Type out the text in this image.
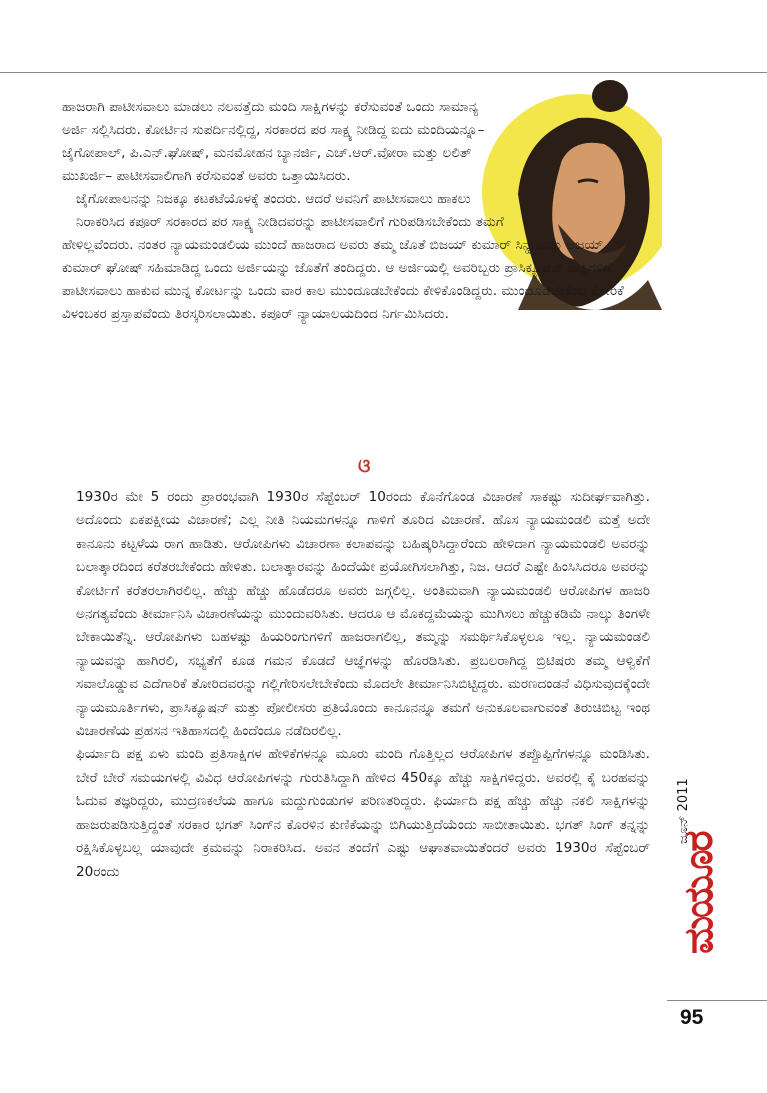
ಹಾಜರಾಗಿ ಪಾಟೀಸವಾಲು ಮಾಡಲು ನಲವತ್ತೆದು ಮಂದಿ ಸಾಕ್ಷಿಗಳನ್ನು ಕರೆಸುವಂತೆ ಒಂದು ಸಾಮಾನ್ಯ ಅರ್ಜಿ ಸಲ್ಲಿಸಿದರು. ಕೋರ್ಟಿನ ಸುಪರ್ದಿನಲ್ಲಿದ್ದ, ಸರಕಾರದ ಪರ ಸಾಕ್ಷ್ಯ ನೀಡಿದ್ದ ಐದು ಮಂದಿಯನ್ನೂ– ಜೈಗೋಪಾಲ್, ಪಿ.ಎನ್.ಘೋಷ್, ಮನಮೋಹನ ಬ್ಯಾನರ್ಜಿ, ಎಚ್.ಆರ್.ವೋರಾ ಮತ್ತು ಲಲಿತ್ ಮುಖರ್ಜಿ– ಪಾಟೀಸವಾಲಿಗಾಗಿ ಕರೆಸುವಂತೆ ಅವರು ಒತ್ತಾಯಿಸಿದರು.

ಜೈಗೋಪಾಲನನ್ನು ನಿಜಕ್ಕೂ ಕಟಕಟೆಯೊಳಕ್ಕೆ ತಂದರು. ಆದರೆ ಅವನಿಗೆ ಪಾಟೀಸವಾಲು ಹಾಕಲು ನಿರಾಕರಿಸಿದ ಕಪೂರ್ ಸರಕಾರದ ಪರ ಸಾಕ್ಷ್ಯ ನೀಡಿದವರನ್ನು ಪಾಟೀಸವಾಲಿಗೆ ಗುರಿಪಡಿಸಬೇಕೆಂದು ತಮಗೆ

ಹೇಳಿಲ್ಲವೆಂದರು. ನಂತರ ನ್ಯಾಯಮಂಡಲಿಯ ಮುಂದೆ ಹಾಜರಾದ ಅವರು ತಮ್ಮ ಜೊತೆ ಬಿಜಯ್ ಕುಮಾರ್ ಸಿನ್ಹ ಮತ್ತು ಅಜಯ್ ಕುಮಾರ್ ಘೋಷ್ ಸಹಿಮಾಡಿದ್ದ ಒಂದು ಅರ್ಜಿಯನ್ನು ಜೊತೆಗೆ ತಂದಿದ್ದರು. ಆ ಅರ್ಜಿಯಲ್ಲಿ ಅವರಿಬ್ಬರು ಪ್ರಾಸಿಕ್ಯೂಷನ್ ಸಾಕ್ಷಿಗಳಿಗೆ ಪಾಟೀಸವಾಲು ಹಾಕುವ ಮುನ್ನ ಕೋರ್ಟನ್ನು ಒಂದು ವಾರ ಕಾಲ ಮುಂದೂಡಬೇಕೆಂದು ಕೇಳಿಕೊಂಡಿದ್ದರು. ಮುಂದೂಡಬೇಕೆಂಬ ಕೋರಿಕೆ ವಿಳಂಬಕರ ಪ್ರಸ್ತಾಪವೆಂದು ತಿರಸ್ಕರಿಸಲಾಯಿತು. ಕಪೂರ್ ನ್ಯಾಯಾಲಯದಿಂದ ನಿರ್ಗಮಿಸಿದರು.

ଓ

1930ರ ಮೇ 5 ರಂದು ಪ್ರಾರಂಭವಾಗಿ 1930ರ ಸೆಪ್ಟೆಂಬರ್ 10ರಂದು ಕೊನೆಗೊಂಡ ವಿಚಾರಣೆ ಸಾಕಷ್ಟು ಸುದೀರ್ಘವಾಗಿತ್ತು. ಅದೊಂದು ಏಕಪಕ್ಷೀಯ ವಿಚಾರಣೆ; ಎಲ್ಲ ನೀತಿ ನಿಯಮಗಳನ್ನೂ ಗಾಳಿಗೆ ತೂರಿದ ವಿಚಾರಣೆ. ಹೊಸ ನ್ಯಾಯಮಂಡಲಿ ಮತ್ತೆ ಅದೇ ಕಾನೂನು ಕಟ್ಟಳೆಯ ರಾಗ ಹಾಡಿತು. ಆರೋಪಿಗಳು ವಿಚಾರಣಾ ಕಲಾಪವನ್ನು ಬಹಿಷ್ಕರಿಸಿದ್ದಾರೆಂದು ಹೇಳಿದಾಗ ನ್ಯಾಯಮಂಡಲಿ ಅವರನ್ನು ಬಲಾತ್ಕಾರದಿಂದ ಕರೆತರಬೇಕೆಂದು ಹೇಳಿತು. ಬಲಾತ್ಕಾರವನ್ನು ಹಿಂದೆಯೇ ಪ್ರಯೋಗಿಸಲಾಗಿತ್ತು, ನಿಜ. ಆದರೆ ಎಷ್ಟೇ ಹಿಂಸಿಸಿದರೂ ಅವರನ್ನು ಕೋರ್ಟಿಗೆ ಕರೆತರಲಾಗಿರಲಿಲ್ಲ. ಹೆಚ್ಚು ಹೆಚ್ಚು ಹೊಡೆದರೂ ಅವರು ಜಗ್ಗಲಿಲ್ಲ. ಅಂತಿಮವಾಗಿ ನ್ಯಾಯಮಂಡಲಿ ಆರೋಪಿಗಳ ಹಾಜರಿ ಅನಗತ್ಯವೆಂದು ತೀರ್ಮಾನಿಸಿ ವಿಚಾರಣೆಯನ್ನು ಮುಂದುವರಿಸಿತು. ಆದರೂ ಆ ಮೊಕದ್ದಮೆಯನ್ನು ಮುಗಿಸಲು ಹೆಚ್ಚುಕಡಿಮೆ ನಾಲ್ಕು ತಿಂಗಳೇ ಬೇಕಾಯಿತೆನ್ನಿ. ಆರೋಪಿಗಳು ಬಹಳಷ್ಟು ಹಿಯರಿಂಗುಗಳಿಗೆ ಹಾಜರಾಗಲಿಲ್ಲ, ತಮ್ಮನ್ನು ಸಮರ್ಥಿಸಿಕೊಳ್ಳಲೂ ಇಲ್ಲ. ನ್ಯಾಯಮಂಡಲಿ ನ್ಯಾಯವನ್ನು ಹಾಗಿರಲಿ, ಸಭ್ಯತೆಗೆ ಕೂಡ ಗಮನ ಕೊಡದೆ ಆಜ್ಞೆಗಳನ್ನು ಹೊರಡಿಸಿತು. ಪ್ರಬಲರಾಗಿದ್ದ ಬ್ರಿಟಿಷರು ತಮ್ಮ ಆಳ್ವಿಕೆಗೆ ಸವಾಲೊಡ್ಡುವ ಎದೆಗಾರಿಕೆ ತೋರಿದವರನ್ನು ಗಲ್ಲಿಗೇರಿಸಲೇಬೇಕೆಂದು ಮೊದಲೇ ತೀರ್ಮಾನಿಸಿಬಿಟ್ಟಿದ್ದರು. ಮರಣದಂಡನೆ ವಿಧಿಸುವುದಕ್ಕೆಂದೇ ನ್ಯಾಯಮೂರ್ತಿಗಳು, ಪ್ರಾಸಿಕ್ಯೂಷನ್ ಮತ್ತು ಪೋಲೀಸರು ಪ್ರತಿಯೊಂದು ಕಾನೂನನ್ನೂ ತಮಗೆ ಅನುಕೂಲವಾಗುವಂತೆ ತಿರುಚಿಬಿಟ್ಟ ಇಂಥ ವಿಚಾರಣೆಯ ಪ್ರಹಸನ ಇತಿಹಾಸದಲ್ಲಿ ಹಿಂದೆಂದೂ ನಡೆದಿರಲಿಲ್ಲ.

ಫಿರ್ಯಾದಿ ಪಕ್ಷ ಏಳು ಮಂದಿ ಪ್ರತಿಸಾಕ್ಷಿಗಳ ಹೇಳಿಕೆಗಳನ್ನೂ ಮೂರು ಮಂದಿ ಗೊತ್ತಿಲ್ಲದ ಆರೋಪಿಗಳ ತಪ್ಪೊಪ್ಪಿಗೆಗಳನ್ನೂ ಮಂಡಿಸಿತು. ಬೇರೆ ಬೇರೆ ಸಮಯಗಳಲ್ಲಿ ವಿವಿಧ ಆರೋಪಿಗಳನ್ನು ಗುರುತಿಸಿದ್ದಾಗಿ ಹೇಳಿದ 450ಕ್ಕೂ ಹೆಚ್ಚು ಸಾಕ್ಷಿಗಳಿದ್ದರು. ಅವರಲ್ಲಿ ಕೈ ಬರಹವನ್ನು ಓದುವ ತಜ್ಞರಿದ್ದರು, ಮುದ್ರಣಕಲೆಯ ಹಾಗೂ ಮದ್ದುಗುಂಡುಗಳ ಪರಿಣತರಿದ್ದರು. ಫಿರ್ಯಾದಿ ಪಕ್ಷ ಹೆಚ್ಚು ಹೆಚ್ಚು ನಕಲಿ ಸಾಕ್ಷಿಗಳನ್ನು ಹಾಜರುಪಡಿಸುತ್ತಿದ್ದಂತೆ ಸರಕಾರ ಭಗತ್ ಸಿಂಗ್‍ನ ಕೊರಳಿನ ಕುಣಿಕೆಯನ್ನು ಬಿಗಿಯುತ್ತಿದೆಯೆಂದು ಸಾಬೀತಾಯಿತು. ಭಗತ್ ಸಿಂಗ್ ತನ್ನನ್ನು ರಕ್ಷಿಸಿಕೊಳ್ಳಬಲ್ಲ ಯಾವುದೇ ಕ್ರಮವನ್ನು ನಿರಾಕರಿಸಿದ. ಅವನ ತಂದೆಗೆ ಎಷ್ಟು ಆಘಾತವಾಯಿತೆಂದರೆ ಅವರು 1930ರ ಸೆಪ್ಟೆಂಬರ್ 20ರಂದು

ಜೂನ್ 2011
ಮಯೂರ
95
